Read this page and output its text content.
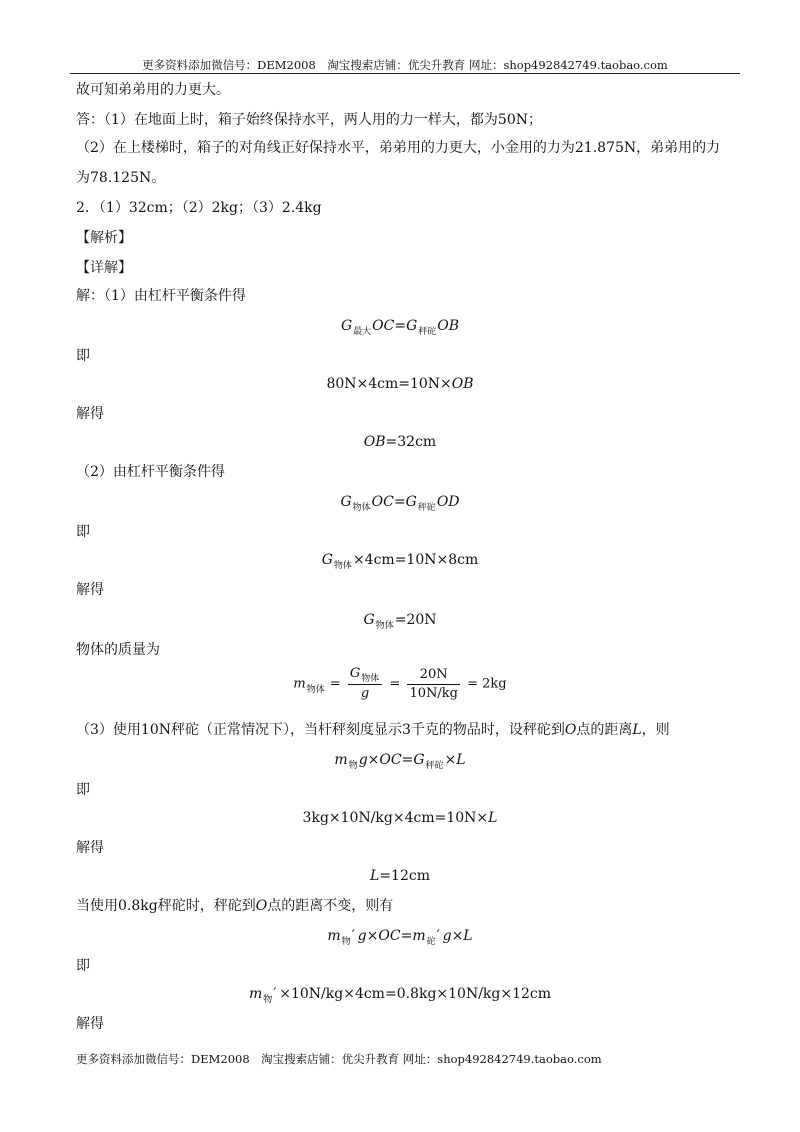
更多资料添加微信号：DEM2008　淘宝搜索店铺：优尖升教育 网址：shop492842749.taobao.com
故可知弟弟用的力更大。
答：（1）在地面上时，箱子始终保持水平，两人用的力一样大，都为50N；
（2）在上楼梯时，箱子的对角线正好保持水平，弟弟用的力更大，小金用的力为21.875N，弟弟用的力
为78.125N。
2．（1）32cm；（2）2kg；（3）2.4kg
【解析】
【详解】
解：（1）由杠杆平衡条件得
$G_{最大}OC=G_{秤砣}OB$
即
80N×4cm=10N×OB
解得
OB=32cm
（2）由杠杆平衡条件得
$G_{物体}OC=G_{秤砣}OD$
即
$G_{物体}\times 4cm=10N\times 8cm$
解得
$G_{物体}=20N$
物体的质量为
$m_{物体} = \frac{G_{物体}}{g} = \frac{20N}{10N/kg} = 2kg$
（3）使用10N秤砣（正常情况下），当杆秤刻度显示3千克的物品时，设秤砣到O点的距离L，则
$m_物g\times OC=G_{秤砣}\times L$
即
3kg×10N/kg×4cm=10N×L
解得
L=12cm
当使用0.8kg秤砣时，秤砣到O点的距离不变，则有
$m_物'$  $g\times OC=m_砣'$  g×L
即
$m_物' \times 10N/kg\times 4cm=0.8kg\times 10N/kg\times 12cm$
解得
更多资料添加微信号：DEM2008　淘宝搜索店铺：优尖升教育 网址：shop492842749.taobao.com
